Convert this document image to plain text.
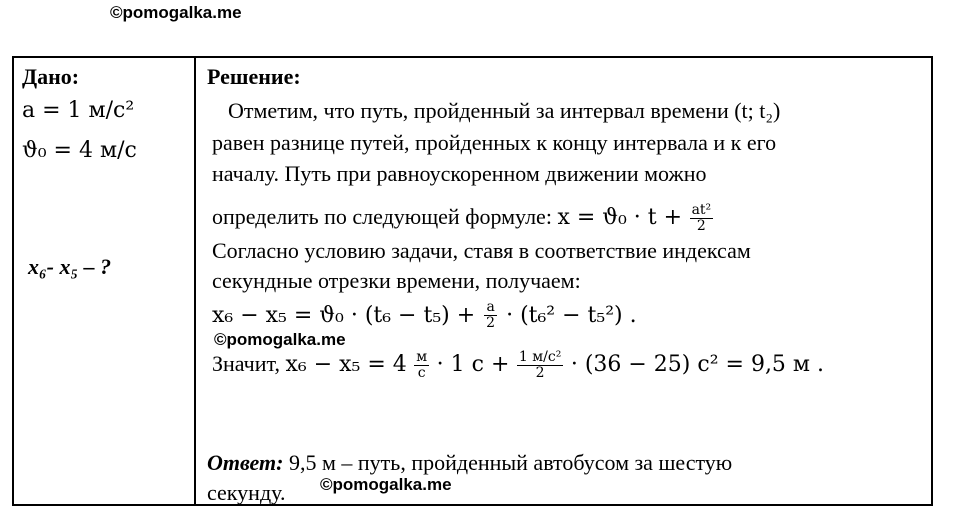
©pomogalka.me
Дано:
a = 1 м/с²
ϑ₀ = 4 м/с
x₆- x₅ – ?
Решение:
Отметим, что путь, пройденный за интервал времени (t; t₂)
равен разнице путей, пройденных к концу интервала и к его
началу. Путь при равноускоренном движении можно
определить по следующей формуле: $x = ϑ_0 \cdot t + \frac{\text{at²}}{2}$
Согласно условию задачи, ставя в соответствие индексам
секундные отрезки времени, получаем:
$x_6 - x_5 = ϑ_0 \cdot (t_6 - t_5) + \frac{a}{2} \cdot (t_6^2 - t_5^2)$ .
©pomogalka.me
Значит, $x_6 - x_5 = 4 \frac{м}{с} \cdot 1$ $с + \frac{\text{1 м/с²}}{2} \cdot (36 - 25) с^2 = 9,5$ м .
Ответ: 9,5 м – путь, пройденный автобусом за шестую
секунду. ©pomogalka.me
